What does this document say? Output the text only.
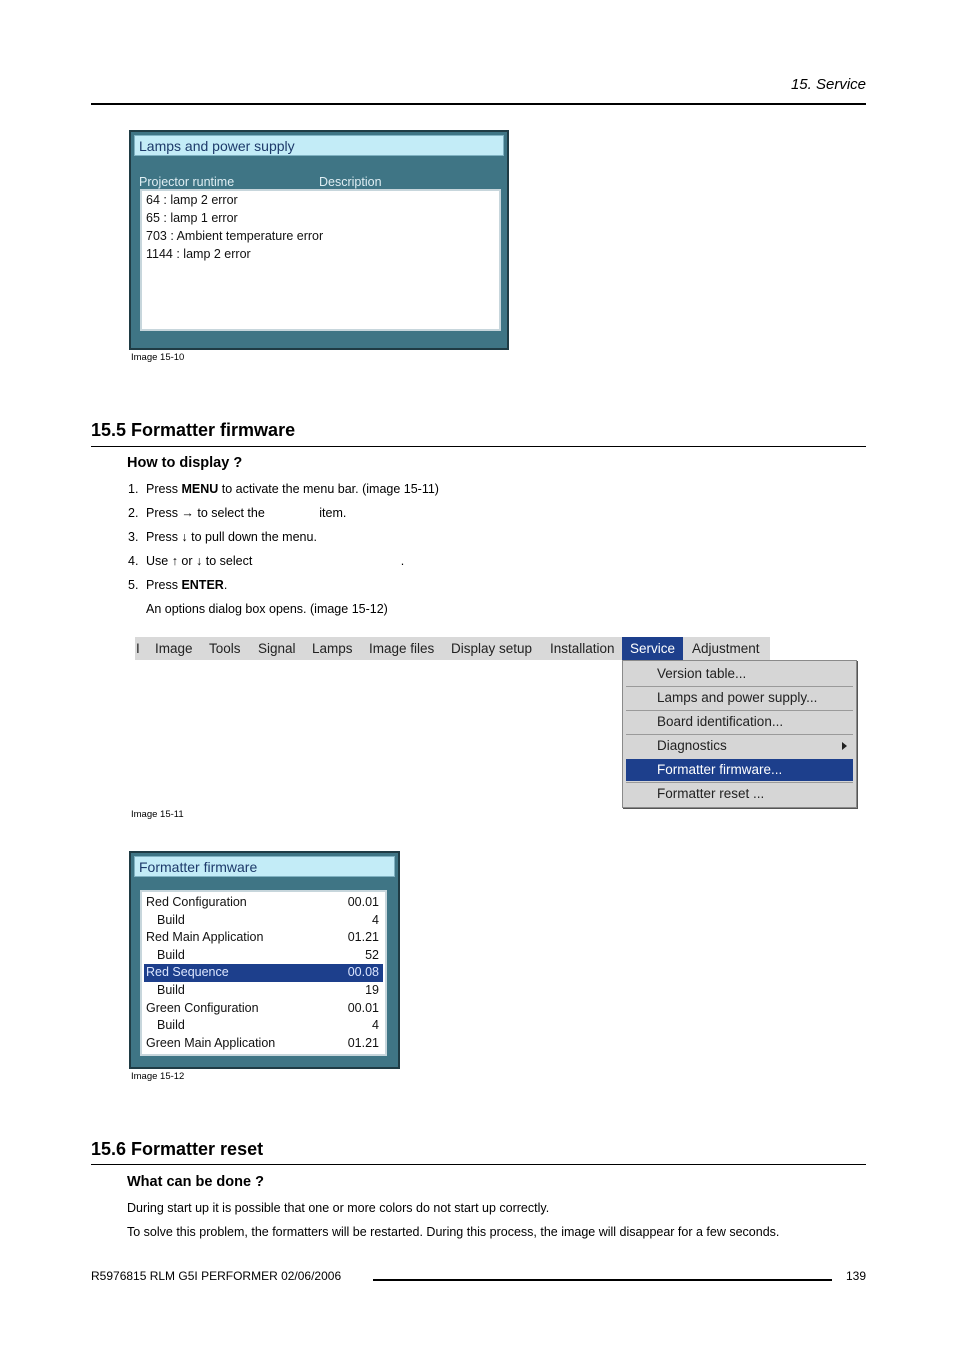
15. Service
Lamps and power supply
Projector runtime	Description
64 : lamp 2 error
65 : lamp 1 error
703 : Ambient temperature error
1144 : lamp 2 error
Image 15-10
15.5 Formatter firmware
How to display ?
1. Press MENU to activate the menu bar. (image 15-11)
2. Press → to select the	item.
3. Press ↓ to pull down the menu.
4. Use ↑ or ↓ to select	.
5. Press ENTER.
An options dialog box opens. (image 15-12)
I Image Tools Signal Lamps Image files Display setup Installation	Service	Adjustment
Version table...
Lamps and power supply...
Board identification...
Diagnostics
Formatter firmware...
Formatter reset ...
Image 15-11
Formatter firmware
Red Configuration	00.01
Build	4
Red Main Application	01.21
Build	52
Red Sequence	00.08
Build	19
Green Configuration	00.01
Build	4
Green Main Application	01.21
Image 15-12
15.6 Formatter reset
What can be done ?
During start up it is possible that one or more colors do not start up correctly.
To solve this problem, the formatters will be restarted. During this process, the image will disappear for a few seconds.
R5976815 RLM G5I PERFORMER 02/06/2006	139
